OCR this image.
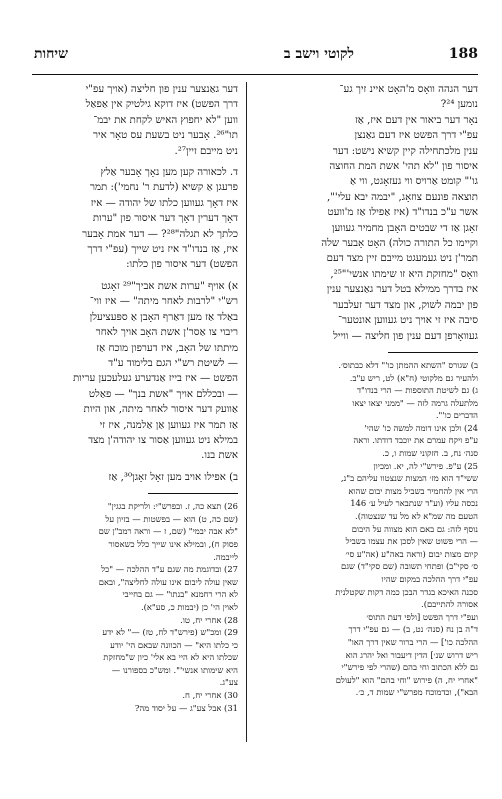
188
לקוטי וישב ב
שיחות
דער הגהה וואָס מ'האָט איינ זיך גע־
נומען ²⁴?
נאָר דער ביאור אין דעם איז, אַז
עפ"י דרך הפשט איז דעם גאַנצן
ענין מלכתחילה קיין קשיא נישט: דער
איסור פון "לא תהי' אשת המת החוצה
גו'" קומט אַרויס ווי געזאָגט, ווי אַ
תוצאה פונעם צוזאָג, "יבמה יבא עלי'",
אשר ע"כ בנדו"ד (איז אַפילו אַז מ'וועט
זאָגן אַז די שבטים האָבן מחמיר געווען
וקיימו כל התורה כולה) האָט אָבער שלה
תמר'ן ניט געמעגט מייבם זיין מצד דעם
וואָס "מחזקת היא זו שימתו אנשי'"²⁵,
איז בדרך ממילא בטל דער גאַנצער ענין
פון יבמה לשוק, און מצד דער זעלבער
סיבה איז זי אויך ניט געווען אונטער־
געוואָרפן דעם ענין פון חליצה — ווייל
ב) שגורס "השתא ההמתן כו'" דלא כבתוס׳.
ולהעיר גם מלקוטי (ח"א) לט, ריש ע"ב.
ג) גם לשיטת התוספות — הרי בנדו"ד
מלתעלה גרמה לזה — "ממני יצאו יצאו
הדברים כו'".
24) ולכן אינו דומה למשה כו' שהי'
ע"פ ויקח עמרם את יוכבד דודתו. וראה
סנה׳ נח, ב. חזקוני שמות ו, כ.
25) ע"פ. פירש"י לה, יא. ומכיון
ששי"ד הוא מז׳ המצות שנצטוו עליהם ב"נ,
הרי אין להחמיר בשביל מצות יבום שהוא
נכסה עליו (וע"ד שנתבאר לעיל ע׳ 146
הטעם מה שמ"א לא מל עד שנצטוה).
נוסף לזה: גם באם הוא מצווה על היבום
— הרי פשוט שאין לסכן את עצמו בשביל
קיום מצות יבום (וראה באה"ע (אה"ע סי׳
ס׳ סקי"ב) ופתחי תשובה (שם סקי"ד) שגם
עפ"י דרך ההלכה במקום שהיו
סכנה האיכא בגדר הבכן כמה דקות שקטלנית
אסורה להתייבם).
ועפ"י דרך הפשט [ולפי דעת התוס׳
ד"ה בן נח (סנה׳ נט, ב) — גם עפ"י דרך
ההלכה כו'] — הרי ברור שאין דרך האו"
ריש דרוש שנ׳] הדין דיעבור ואל יהרג הוא
גם ללא הכתוב וחי בהם (שהרי לפי פירש"י
"אחרי יח, ה) פירוש "וחי בהם" הוא "לעולם
הבא"), וכדמוכח מפרש"י שמות ד, כ׳.
דער גאַנצער ענין פון חליצה (אויך עפ"י
דרך הפשט) איז דוקא גילטיק אין אַפאַל
ווען "לא יחפוץ האיש לקחת את יבמ־
תו"²⁶. אָבער ניט בשעת עס טאָר איר
ניט מייבם זיין²⁷.
ד. לכאורה קען מען נאָך אָבער אַלץ
פרעגן אַ קשיא (לדעת ר' נחמי'): תמר
איז דאָך געווען כלתו של יהודה — איז
דאָך דערין דאָך דער איסור פון "ערות
כלתך לא תגלה"²⁸? — דער אמת אָבער
איז, אַז בנדו"ד איז ניט שייך (עפ"י דרך
הפשט) דער איסור פון כלתו:
א) אויף "ערות אשת אביך"²⁹ זאָגט
רש"י "לרבות לאחר מיתה" — איז ווי־
באַלד אַז מען דאַרף האָבן אַ ספּעציעלן
ריבוי צו אַסר'ן אשת האָב אויך לאחר
מיתתו של האָב, איז דערפון מוכח אַז
— לשיטת רש"י הגם בלימוד ע"ד
הפשט — איז בייז אַנדערע געלעכען עריות
— ובכללם אויך "אשת בנך" — פאַלט
אַוועק דער איסור לאחר מיתה, און היות
אַז תמר איז געווען אַן אַלמנה, איז זי
במילא ניט געווען אַסור צו יהודה'ן מצד
אשת בנו.
ב) אפילו אויב מען זאָל זאָגן³⁰, אַז
26) תצא כה, ז. ובפרש"י: ולריקת בגגין"
(שם כה, ט) הוא — בפשטות — בזיון על
"לא אבה יבמי" (שם, ז — וראה רמב"ן שם
פסוק ח), ובמילא אינו שייך כלל כשאסור
לייבמה.
27) ובדוגמת מה שגם ע"ד ההלכה — "כל
שאין עולה ליבום אינו עולה לחליצה", ובאם
לא הרי רחמנא "בנתו" — גם בחייבי
לאוין הי' כן (יבמות כ, סע"א).
28) אחרי יח, טו.
29) ומכ"ש (פירש"ד לח, טז) —" לא ידע
כי כלתו היא" — הכוונה שבאם הי' יודע
שכלתו היא לא היי בא אלי' כיון ש"מחזקת
היא שימותו אנשי'". ומש"כ בספורנו —
צע"ג.
30) אחרי יח, ח.
31) אבל צע"ג — על יסוד מה?
